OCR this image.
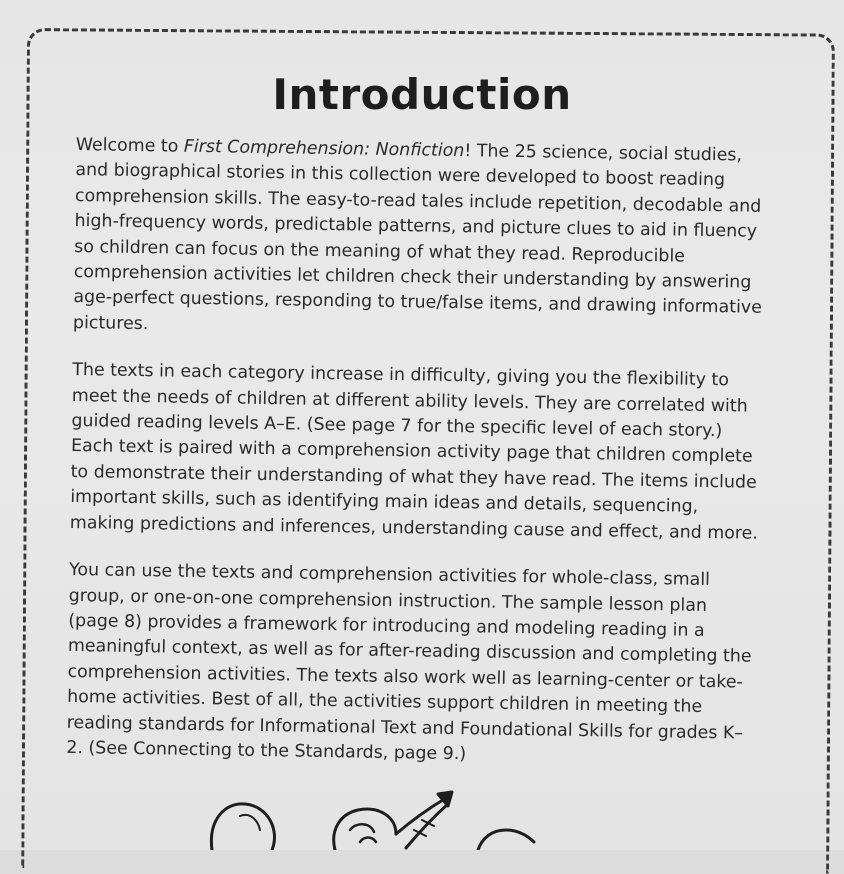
Introduction

Welcome to First Comprehension: Nonfiction! The 25 science, social studies, and biographical stories in this collection were developed to boost reading comprehension skills. The easy-to-read tales include repetition, decodable and high-frequency words, predictable patterns, and picture clues to aid in fluency so children can focus on the meaning of what they read. Reproducible comprehension activities let children check their understanding by answering age-perfect questions, responding to true/false items, and drawing informative pictures.

The texts in each category increase in difficulty, giving you the flexibility to meet the needs of children at different ability levels. They are correlated with guided reading levels A–E. (See page 7 for the specific level of each story.) Each text is paired with a comprehension activity page that children complete to demonstrate their understanding of what they have read. The items include important skills, such as identifying main ideas and details, sequencing, making predictions and inferences, understanding cause and effect, and more.

You can use the texts and comprehension activities for whole-class, small group, or one-on-one comprehension instruction. The sample lesson plan (page 8) provides a framework for introducing and modeling reading in a meaningful context, as well as for after-reading discussion and completing the comprehension activities. The texts also work well as learning-center or take-home activities. Best of all, the activities support children in meeting the reading standards for Informational Text and Foundational Skills for grades K–2. (See Connecting to the Standards, page 9.)
